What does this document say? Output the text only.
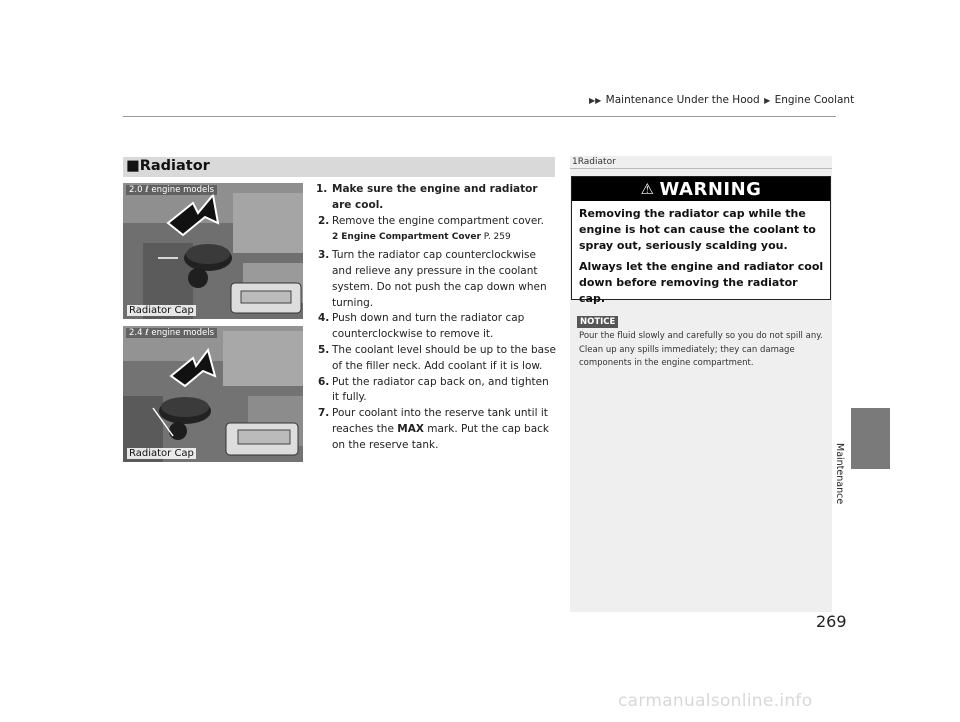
▶▶ Maintenance Under the Hood ▶ Engine Coolant
■Radiator
2.0 ℓ engine models
Radiator Cap
2.4 ℓ engine models
Radiator Cap
1. Make sure the engine and radiator are cool.
2. Remove the engine compartment cover.
2 Engine Compartment Cover P. 259
3. Turn the radiator cap counterclockwise and relieve any pressure in the coolant system. Do not push the cap down when turning.
4. Push down and turn the radiator cap counterclockwise to remove it.
5. The coolant level should be up to the base of the filler neck. Add coolant if it is low.
6. Put the radiator cap back on, and tighten it fully.
7. Pour coolant into the reserve tank until it reaches the MAX mark. Put the cap back on the reserve tank.
1Radiator
⚠ WARNING

Removing the radiator cap while the engine is hot can cause the coolant to spray out, seriously scalding you.

Always let the engine and radiator cool down before removing the radiator cap.

NOTICE
Pour the fluid slowly and carefully so you do not spill any. Clean up any spills immediately; they can damage components in the engine compartment.
Maintenance
269
carmanualsonline.info
